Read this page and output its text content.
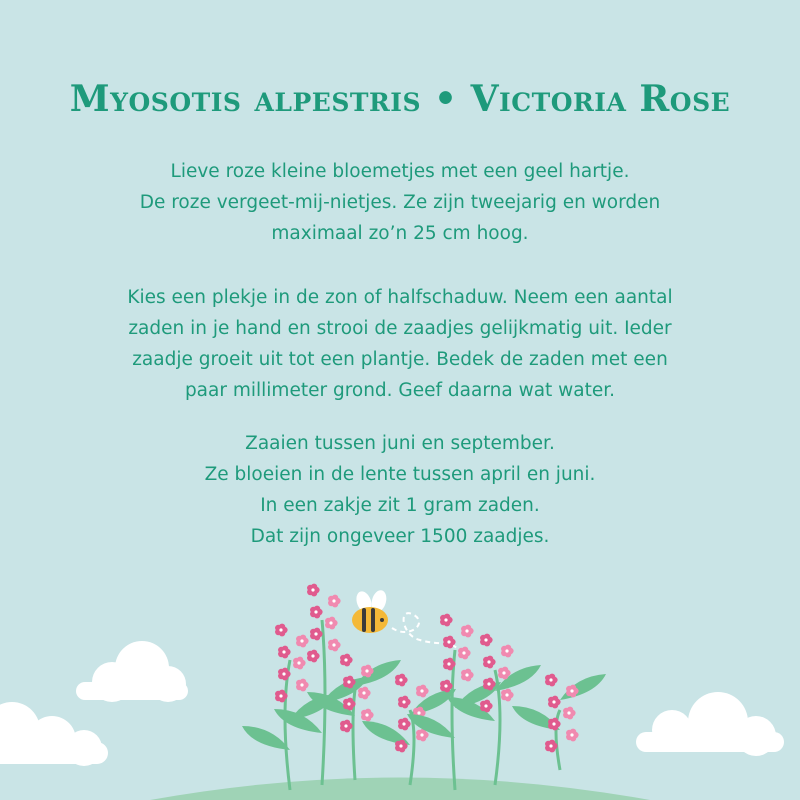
Myosotis alpestris • Victoria Rose
Lieve roze kleine bloemetjes met een geel hartje.
De roze vergeet-mij-nietjes. Ze zijn tweejarig en worden
maximaal zo’n 25 cm hoog.
Kies een plekje in de zon of halfschaduw. Neem een aantal
zaden in je hand en strooi de zaadjes gelijkmatig uit. Ieder
zaadje groeit uit tot een plantje. Bedek de zaden met een
paar millimeter grond. Geef daarna wat water.
Zaaien tussen juni en september.
Ze bloeien in de lente tussen april en juni.
In een zakje zit 1 gram zaden.
Dat zijn ongeveer 1500 zaadjes.
